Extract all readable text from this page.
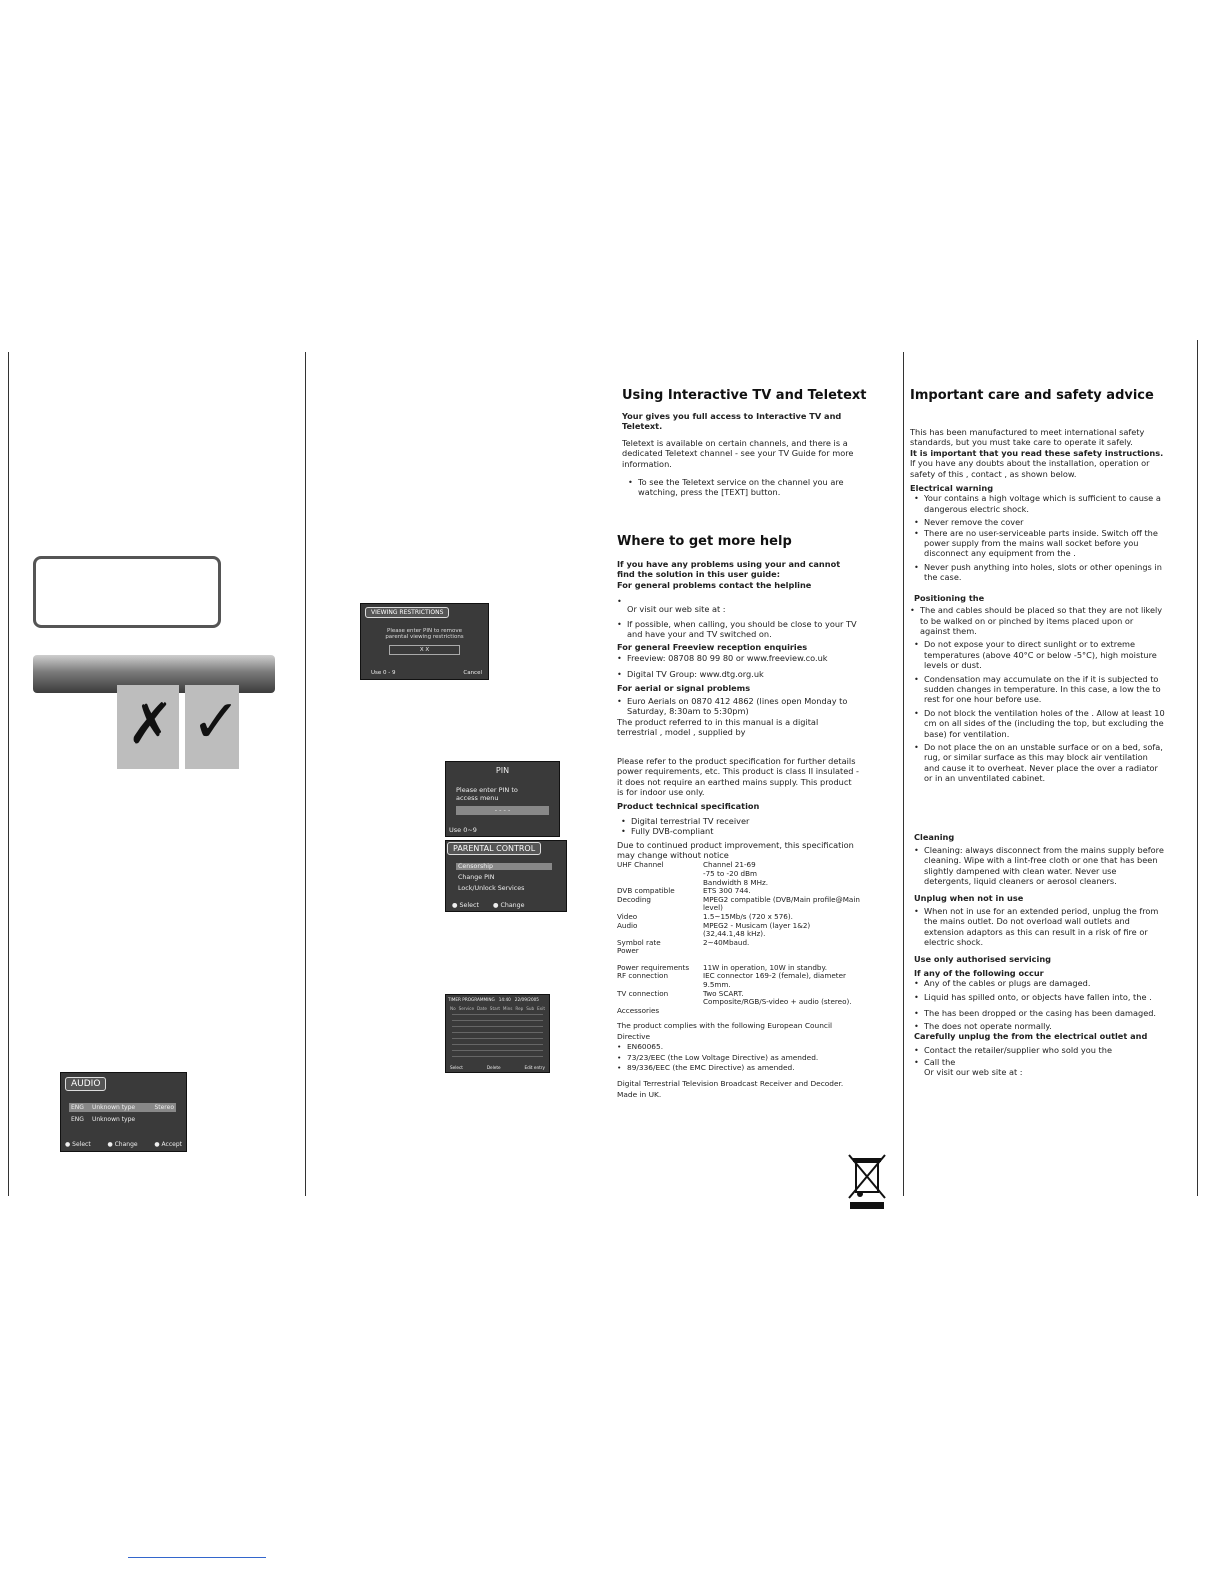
✗ ✓
AUDIO
ENG Unknown type	Stereo
ENG Unknown type
● Select	● Change	● Accept
VIEWING RESTRICTIONS
Please enter PIN to remove parental viewing restrictions
X X
Use 0 - 9	Cancel
PIN
Please enter PIN to
access menu
- - - -
Use 0~9
PARENTAL CONTROL
Censorship
Change PIN
Lock/Unlock Services
● Select ● Change
TIMER PROGRAMMING 14:40 22/09/2005
No Service Date Start Mins Rep Sub Exit
Select	Delete	Edit entry
Using Interactive TV and Teletext
Your gives you full access to Interactive TV and Teletext.
Teletext is available on certain channels, and there is a dedicated Teletext channel - see your TV Guide for more information.
• To see the Teletext service on the channel you are watching, press the [TEXT] button.
Where to get more help
If you have any problems using your and cannot find the solution in this user guide:
For general problems contact the helpline
• Or visit our web site at :
• If possible, when calling, you should be close to your TV and have your and TV switched on.
For general Freeview reception enquiries
• Freeview: 08708 80 99 80 or www.freeview.co.uk
• Digital TV Group: www.dtg.org.uk
For aerial or signal problems
• Euro Aerials on 0870 412 4862 (lines open Monday to Saturday, 8:30am to 5:30pm)
The product referred to in this manual is a digital terrestrial , model , supplied by
Please refer to the product specification for further details power requirements, etc. This product is class II insulated - it does not require an earthed mains supply. This product is for indoor use only.
Product technical specification
• Digital terrestrial TV receiver
• Fully DVB-compliant
Due to continued product improvement, this specification may change without notice
UHF Channel	Channel 21-69
-75 to -20 dBm
Bandwidth 8 MHz.
DVB compatible	ETS 300 744.
Decoding	MPEG2 compatible (DVB/Main profile@Main level)
Video	1.5~15Mb/s (720 x 576).
Audio	MPEG2 - Musicam (layer 1&2)
(32,44.1,48 kHz).
Symbol rate	2~40Mbaud.
Power
Power requirements	11W in operation, 10W in standby.
RF connection	IEC connector 169-2 (female), diameter 9.5mm.
TV connection	Two SCART.
Composite/RGB/S-video + audio (stereo).
Accessories
The product complies with the following European Council Directive
• EN60065.
• 73/23/EEC (the Low Voltage Directive) as amended.
• 89/336/EEC (the EMC Directive) as amended.
Digital Terrestrial Television Broadcast Receiver and Decoder.
Made in UK.
Important care and safety advice
This has been manufactured to meet international safety standards, but you must take care to operate it safely.
It is important that you read these safety instructions.
If you have any doubts about the installation, operation or safety of this , contact , as shown below.
Electrical warning
• Your contains a high voltage which is sufficient to cause a dangerous electric shock.
• Never remove the cover
• There are no user-serviceable parts inside. Switch off the power supply from the mains wall socket before you disconnect any equipment from the .
• Never push anything into holes, slots or other openings in the case.
Positioning the
• The and cables should be placed so that they are not likely to be walked on or pinched by items placed upon or against them.
• Do not expose your to direct sunlight or to extreme temperatures (above 40°C or below -5°C), high moisture levels or dust.
• Condensation may accumulate on the if it is subjected to sudden changes in temperature. In this case, a low the to rest for one hour before use.
• Do not block the ventilation holes of the . Allow at least 10 cm on all sides of the (including the top, but excluding the base) for ventilation.
• Do not place the on an unstable surface or on a bed, sofa, rug, or similar surface as this may block air ventilation and cause it to overheat. Never place the over a radiator or in an unventilated cabinet.
Cleaning
• Cleaning: always disconnect from the mains supply before cleaning. Wipe with a lint-free cloth or one that has been slightly dampened with clean water. Never use detergents, liquid cleaners or aerosol cleaners.
Unplug when not in use
• When not in use for an extended period, unplug the from the mains outlet. Do not overload wall outlets and extension adaptors as this can result in a risk of fire or electric shock.
Use only authorised servicing
If any of the following occur
• Any of the cables or plugs are damaged.
• Liquid has spilled onto, or objects have fallen into, the .
• The has been dropped or the casing has been damaged.
• The does not operate normally.
Carefully unplug the from the electrical outlet and
• Contact the retailer/supplier who sold you the
• Call the
Or visit our web site at :
